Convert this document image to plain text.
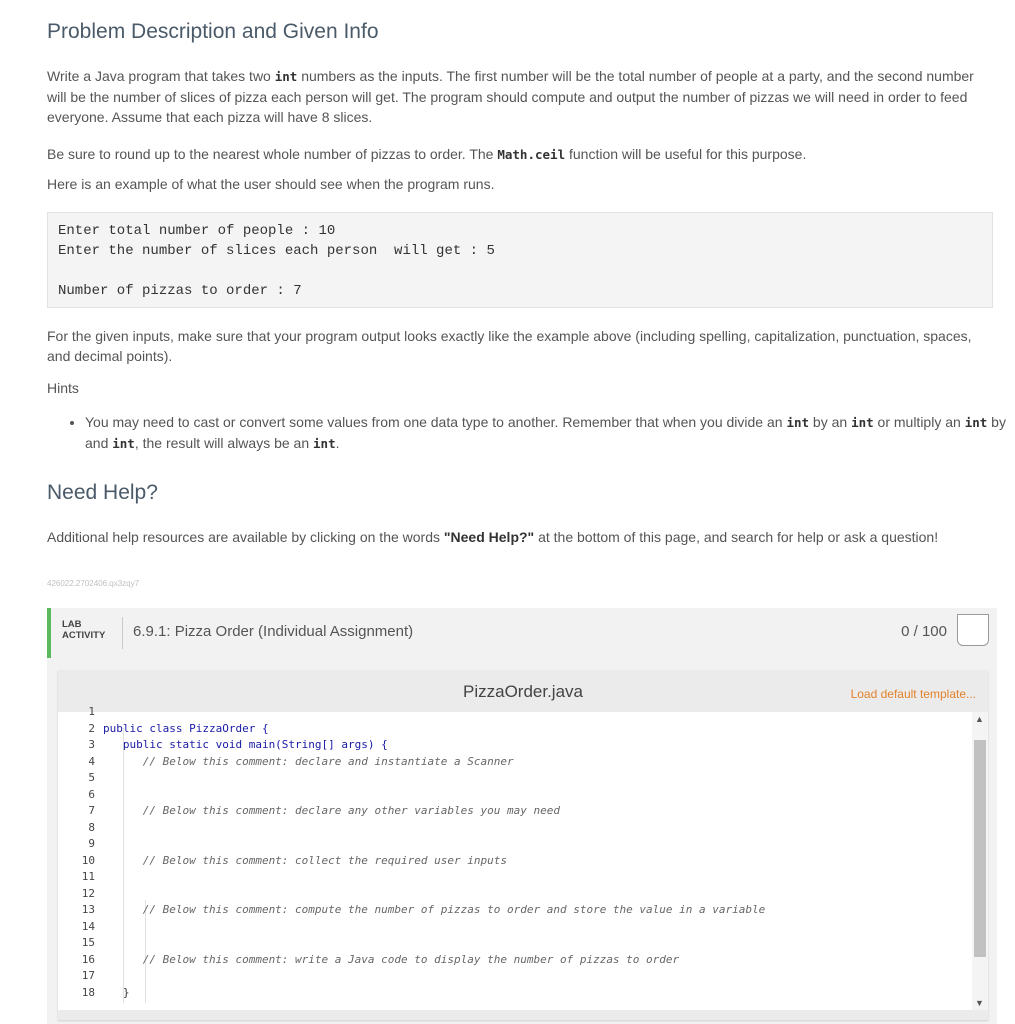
Problem Description and Given Info

Write a Java program that takes two int numbers as the inputs. The first number will be the total number of people at a party, and the second number will be the number of slices of pizza each person will get. The program should compute and output the number of pizzas we will need in order to feed everyone. Assume that each pizza will have 8 slices.

Be sure to round up to the nearest whole number of pizzas to order. The Math.ceil function will be useful for this purpose.

Here is an example of what the user should see when the program runs.

Enter total number of people : 10
Enter the number of slices each person  will get : 5
Number of pizzas to order : 7

For the given inputs, make sure that your program output looks exactly like the example above (including spelling, capitalization, punctuation, spaces, and decimal points).

Hints

• You may need to cast or convert some values from one data type to another. Remember that when you divide an int by an int or multiply an int by and int, the result will always be an int.
Need Help?

Additional help resources are available by clicking on the words "Need Help?" at the bottom of this page, and search for help or ask a question!

426022.2702406.qx3zqy7
LAB
ACTIVITY 6.9.1: Pizza Order (Individual Assignment)	0 / 100
PizzaOrder.java	Load default template...
1
2 public class PizzaOrder {
3 public static void main(String[] args) {
4 // Below this comment: declare and instantiate a Scanner
5
6
7 // Below this comment: declare any other variables you may need
8
9
10 // Below this comment: collect the required user inputs
11
12
13 // Below this comment: compute the number of pizzas to order and store the value in a variable
14
15
16 // Below this comment: write a Java code to display the number of pizzas to order
17
18 }
▲
▼
